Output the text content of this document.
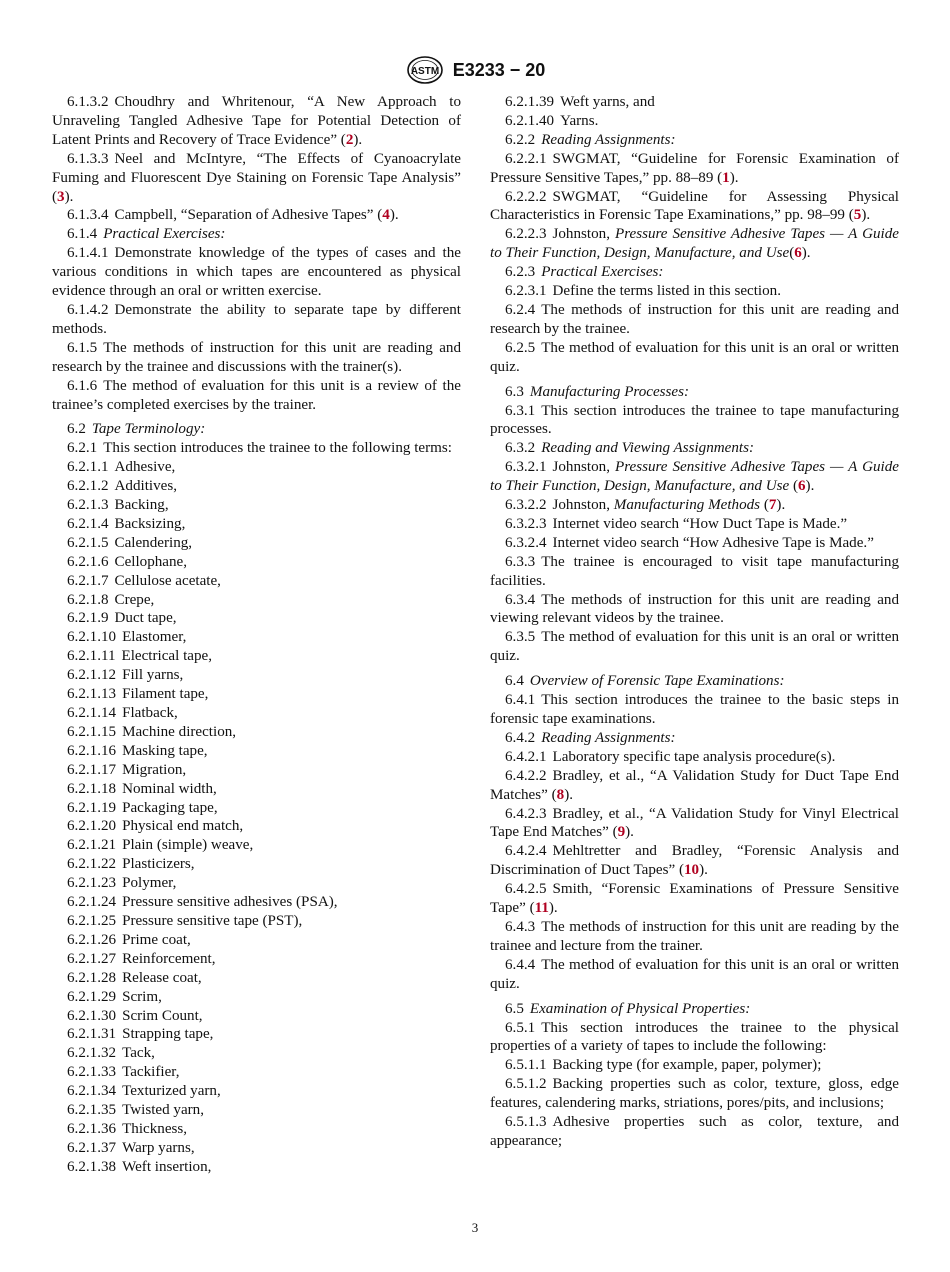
ASTM E3233 − 20

6.1.3.2 Choudhry and Whritenour, “A New Approach to Unraveling Tangled Adhesive Tape for Potential Detection of Latent Prints and Recovery of Trace Evidence” (2).

6.1.3.3 Neel and McIntyre, “The Effects of Cyanoacrylate Fuming and Fluorescent Dye Staining on Forensic Tape Analysis” (3).

6.1.3.4 Campbell, “Separation of Adhesive Tapes” (4).

6.1.4 Practical Exercises:

6.1.4.1 Demonstrate knowledge of the types of cases and the various conditions in which tapes are encountered as physical evidence through an oral or written exercise.

6.1.4.2 Demonstrate the ability to separate tape by different methods.

6.1.5 The methods of instruction for this unit are reading and research by the trainee and discussions with the trainer(s).

6.1.6 The method of evaluation for this unit is a review of the trainee’s completed exercises by the trainer.

6.2 Tape Terminology:

6.2.1 This section introduces the trainee to the following terms:

6.2.1.1 Adhesive,

6.2.1.2 Additives,

6.2.1.3 Backing,

6.2.1.4 Backsizing,

6.2.1.5 Calendering,

6.2.1.6 Cellophane,

6.2.1.7 Cellulose acetate,

6.2.1.8 Crepe,

6.2.1.9 Duct tape,

6.2.1.10 Elastomer,

6.2.1.11 Electrical tape,

6.2.1.12 Fill yarns,

6.2.1.13 Filament tape,

6.2.1.14 Flatback,

6.2.1.15 Machine direction,

6.2.1.16 Masking tape,

6.2.1.17 Migration,

6.2.1.18 Nominal width,

6.2.1.19 Packaging tape,

6.2.1.20 Physical end match,

6.2.1.21 Plain (simple) weave,

6.2.1.22 Plasticizers,

6.2.1.23 Polymer,

6.2.1.24 Pressure sensitive adhesives (PSA),

6.2.1.25 Pressure sensitive tape (PST),

6.2.1.26 Prime coat,

6.2.1.27 Reinforcement,

6.2.1.28 Release coat,

6.2.1.29 Scrim,

6.2.1.30 Scrim Count,

6.2.1.31 Strapping tape,

6.2.1.32 Tack,

6.2.1.33 Tackifier,

6.2.1.34 Texturized yarn,

6.2.1.35 Twisted yarn,

6.2.1.36 Thickness,

6.2.1.37 Warp yarns,

6.2.1.38 Weft insertion,

6.2.1.39 Weft yarns, and

6.2.1.40 Yarns.

6.2.2 Reading Assignments:

6.2.2.1 SWGMAT, “Guideline for Forensic Examination of Pressure Sensitive Tapes,” pp. 88–89 (1).

6.2.2.2 SWGMAT, “Guideline for Assessing Physical Characteristics in Forensic Tape Examinations,” pp. 98–99 (5).

6.2.2.3 Johnston, Pressure Sensitive Adhesive Tapes — A Guide to Their Function, Design, Manufacture, and Use(6).

6.2.3 Practical Exercises:

6.2.3.1 Define the terms listed in this section.

6.2.4 The methods of instruction for this unit are reading and research by the trainee.

6.2.5 The method of evaluation for this unit is an oral or written quiz.

6.3 Manufacturing Processes:

6.3.1 This section introduces the trainee to tape manufacturing processes.

6.3.2 Reading and Viewing Assignments:

6.3.2.1 Johnston, Pressure Sensitive Adhesive Tapes — A Guide to Their Function, Design, Manufacture, and Use (6).

6.3.2.2 Johnston, Manufacturing Methods (7).

6.3.2.3 Internet video search “How Duct Tape is Made.”

6.3.2.4 Internet video search “How Adhesive Tape is Made.”

6.3.3 The trainee is encouraged to visit tape manufacturing facilities.

6.3.4 The methods of instruction for this unit are reading and viewing relevant videos by the trainee.

6.3.5 The method of evaluation for this unit is an oral or written quiz.

6.4 Overview of Forensic Tape Examinations:

6.4.1 This section introduces the trainee to the basic steps in forensic tape examinations.

6.4.2 Reading Assignments:

6.4.2.1 Laboratory specific tape analysis procedure(s).

6.4.2.2 Bradley, et al., “A Validation Study for Duct Tape End Matches” (8).

6.4.2.3 Bradley, et al., “A Validation Study for Vinyl Electrical Tape End Matches” (9).

6.4.2.4 Mehltretter and Bradley, “Forensic Analysis and Discrimination of Duct Tapes” (10).

6.4.2.5 Smith, “Forensic Examinations of Pressure Sensitive Tape” (11).

6.4.3 The methods of instruction for this unit are reading by the trainee and lecture from the trainer.

6.4.4 The method of evaluation for this unit is an oral or written quiz.

6.5 Examination of Physical Properties:

6.5.1 This section introduces the trainee to the physical properties of a variety of tapes to include the following:

6.5.1.1 Backing type (for example, paper, polymer);

6.5.1.2 Backing properties such as color, texture, gloss, edge features, calendering marks, striations, pores/pits, and inclusions;

6.5.1.3 Adhesive properties such as color, texture, and appearance;

3
